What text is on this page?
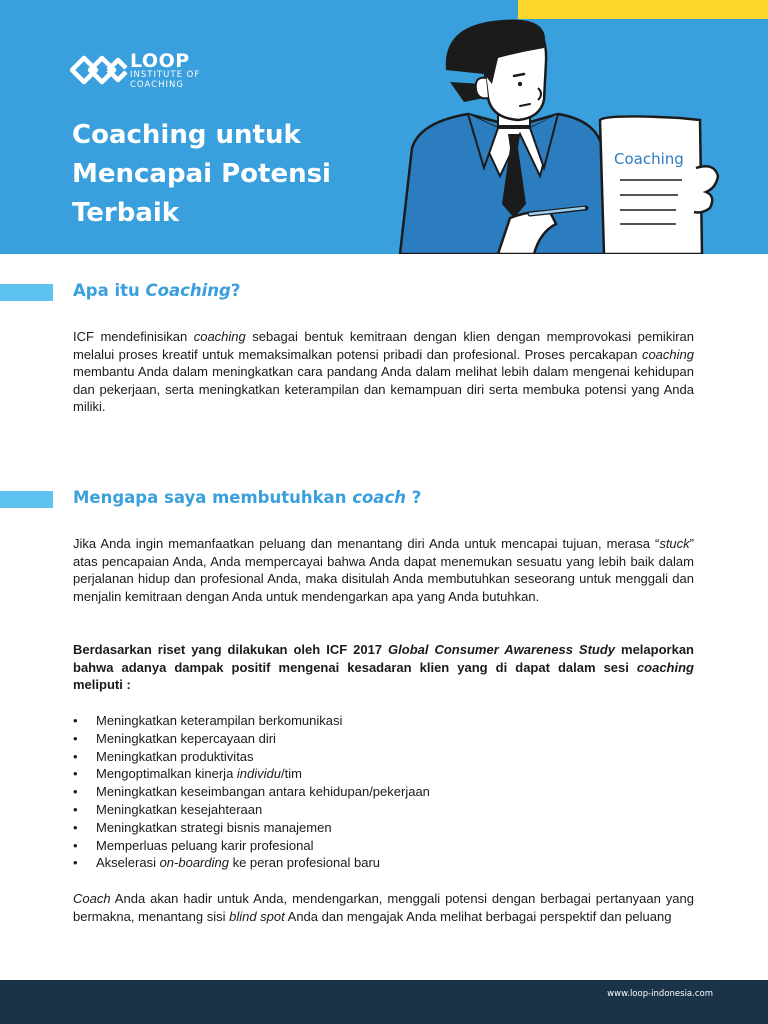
LOOP
INSTITUTE OF
COACHING
Coaching untuk
Mencapai Potensi
Terbaik
Coaching
Apa itu Coaching?

ICF mendefinisikan coaching sebagai bentuk kemitraan dengan klien dengan memprovokasi pemikiran melalui proses kreatif untuk memaksimalkan potensi pribadi dan profesional. Proses percakapan coaching membantu Anda dalam meningkatkan cara pandang Anda dalam melihat lebih dalam mengenai kehidupan dan pekerjaan, serta meningkatkan keterampilan dan kemampuan diri serta membuka potensi yang Anda miliki.

Mengapa saya membutuhkan coach ?

Jika Anda ingin memanfaatkan peluang dan menantang diri Anda untuk mencapai tujuan, merasa “stuck” atas pencapaian Anda, Anda mempercayai bahwa Anda dapat menemukan sesuatu yang lebih baik dalam perjalanan hidup dan profesional Anda, maka disitulah Anda membutuhkan seseorang untuk menggali dan menjalin kemitraan dengan Anda untuk mendengarkan apa yang Anda butuhkan.

Berdasarkan riset yang dilakukan oleh ICF 2017 Global Consumer Awareness Study melaporkan bahwa adanya dampak positif mengenai kesadaran klien yang di dapat dalam sesi coaching meliputi :

• Meningkatkan keterampilan berkomunikasi
• Meningkatkan kepercayaan diri
• Meningkatkan produktivitas
• Mengoptimalkan kinerja individu/tim
• Meningkatkan keseimbangan antara kehidupan/pekerjaan
• Meningkatkan kesejahteraan
• Meningkatkan strategi bisnis manajemen
• Memperluas peluang karir profesional
• Akselerasi on-boarding ke peran profesional baru

Coach Anda akan hadir untuk Anda, mendengarkan, menggali potensi dengan berbagai pertanyaan yang bermakna, menantang sisi blind spot Anda dan mengajak Anda melihat berbagai perspektif dan peluang

www.loop-indonesia.com
